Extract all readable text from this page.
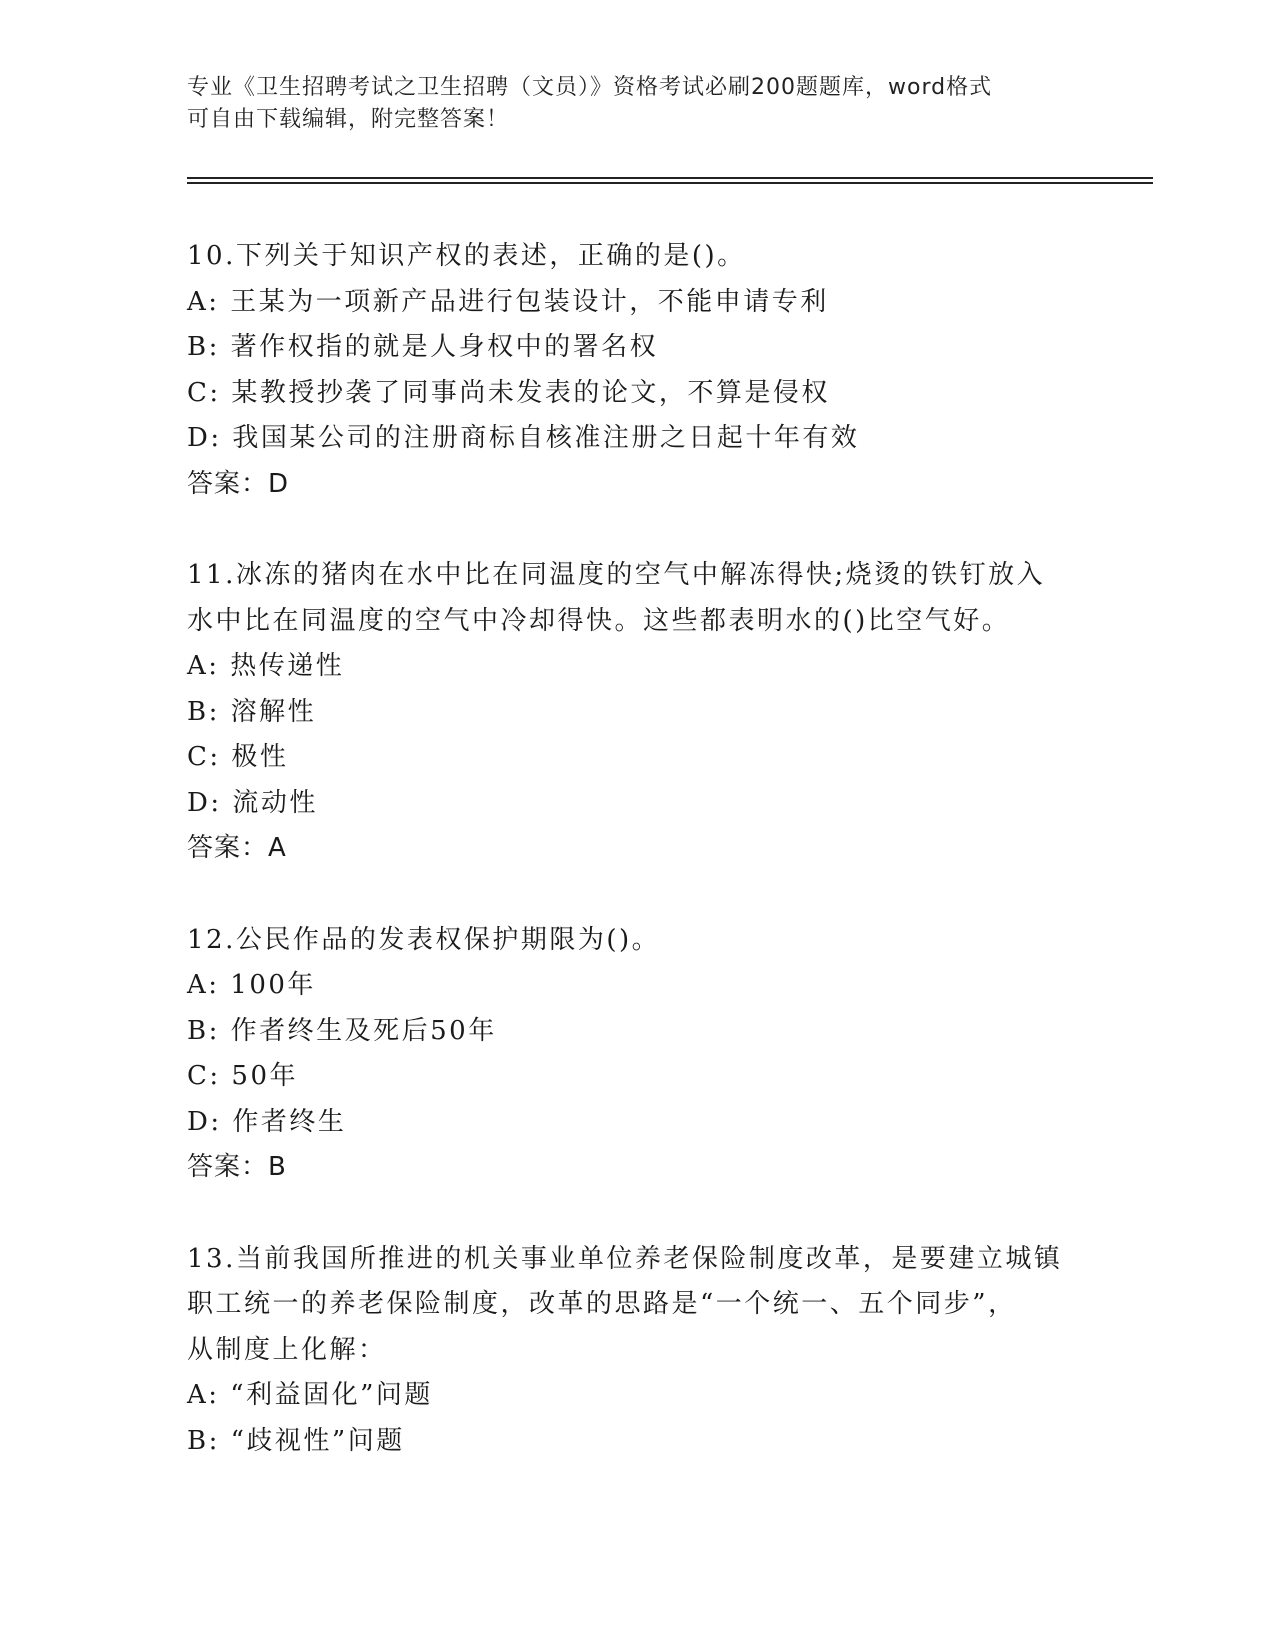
专业《卫生招聘考试之卫生招聘（文员）》资格考试必刷200题题库，word格式
可自由下载编辑，附完整答案！
10.下列关于知识产权的表述，正确的是()。
A: 王某为一项新产品进行包装设计，不能申请专利
B: 著作权指的就是人身权中的署名权
C: 某教授抄袭了同事尚未发表的论文，不算是侵权
D: 我国某公司的注册商标自核准注册之日起十年有效
答案：D
11.冰冻的猪肉在水中比在同温度的空气中解冻得快;烧烫的铁钉放入
水中比在同温度的空气中冷却得快。这些都表明水的()比空气好。
A: 热传递性
B: 溶解性
C: 极性
D: 流动性
答案：A
12.公民作品的发表权保护期限为()。
A: 100年
B: 作者终生及死后50年
C: 50年
D: 作者终生
答案：B
13.当前我国所推进的机关事业单位养老保险制度改革，是要建立城镇
职工统一的养老保险制度，改革的思路是“一个统一、五个同步”，
从制度上化解：
A: “利益固化”问题
B: “歧视性”问题
